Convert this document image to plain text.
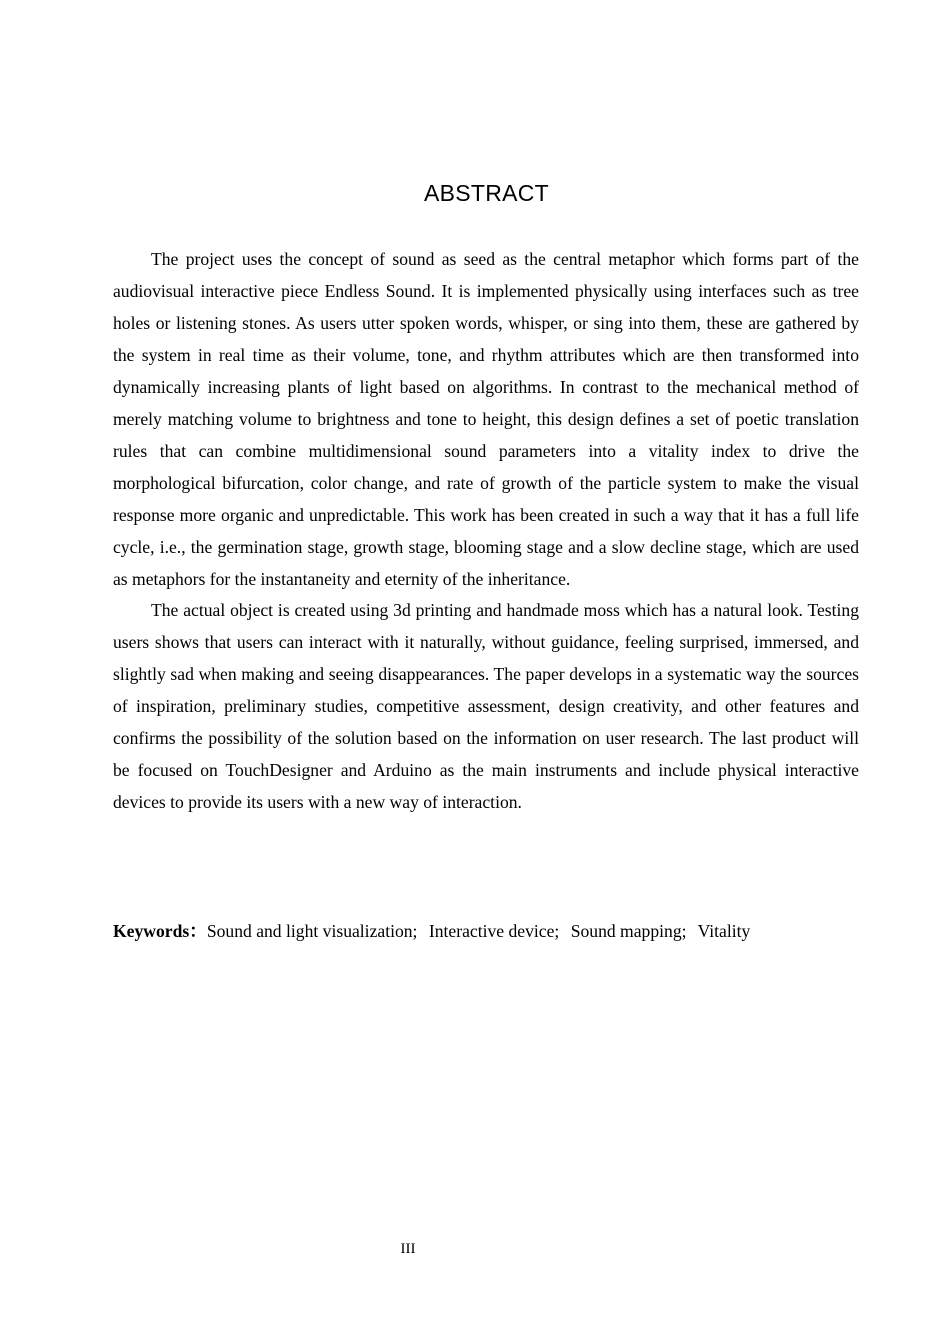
ABSTRACT

The project uses the concept of sound as seed as the central metaphor which forms part of the audiovisual interactive piece Endless Sound. It is implemented physically using interfaces such as tree holes or listening stones. As users utter spoken words, whisper, or sing into them, these are gathered by the system in real time as their volume, tone, and rhythm attributes which are then transformed into dynamically increasing plants of light based on algorithms. In contrast to the mechanical method of merely matching volume to brightness and tone to height, this design defines a set of poetic translation rules that can combine multidimensional sound parameters into a vitality index to drive the morphological bifurcation, color change, and rate of growth of the particle system to make the visual response more organic and unpredictable. This work has been created in such a way that it has a full life cycle, i.e., the germination stage, growth stage, blooming stage and a slow decline stage, which are used as metaphors for the instantaneity and eternity of the inheritance.

The actual object is created using 3d printing and handmade moss which has a natural look. Testing users shows that users can interact with it naturally, without guidance, feeling surprised, immersed, and slightly sad when making and seeing disappearances. The paper develops in a systematic way the sources of inspiration, preliminary studies, competitive assessment, design creativity, and other features and confirms the possibility of the solution based on the information on user research. The last product will be focused on TouchDesigner and Arduino as the main instruments and include physical interactive devices to provide its users with a new way of interaction.

Keywords：Sound and light visualization; Interactive device; Sound mapping; Vitality
III
